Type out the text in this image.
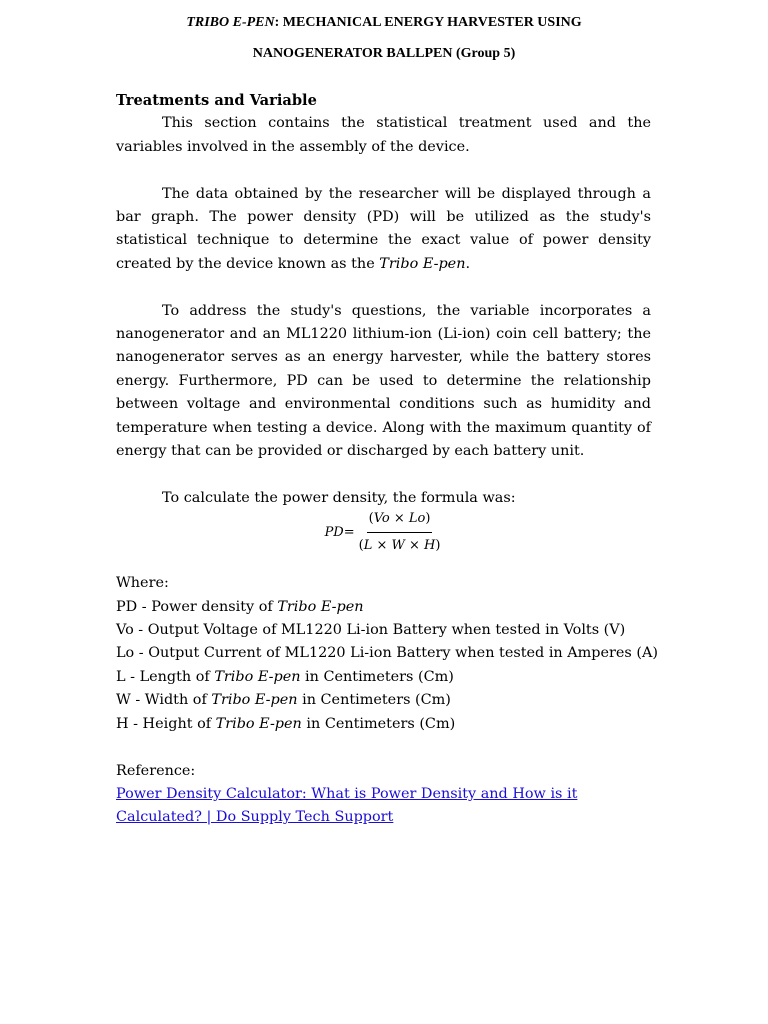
TRIBO E-PEN: MECHANICAL ENERGY HARVESTER USING
NANOGENERATOR BALLPEN (Group 5)
Treatments and Variable

This section contains the statistical treatment used and the variables involved in the assembly of the device.

The data obtained by the researcher will be displayed through a bar graph. The power density (PD) will be utilized as the study's statistical technique to determine the exact value of power density created by the device known as the Tribo E-pen.

To address the study's questions, the variable incorporates a nanogenerator and an ML1220 lithium-ion (Li-ion) coin cell battery; the nanogenerator serves as an energy harvester, while the battery stores energy. Furthermore, PD can be used to determine the relationship between voltage and environmental conditions such as humidity and temperature when testing a device. Along with the maximum quantity of energy that can be provided or discharged by each battery unit.

To calculate the power density, the formula was:

$PD= \frac{(Vo \times Lo)}{(L \times W \times H)}$

Where:

PD - Power density of Tribo E-pen
Vo - Output Voltage of ML1220 Li-ion Battery when tested in Volts (V)
Lo - Output Current of ML1220 Li-ion Battery when tested in Amperes (A)
L - Length of Tribo E-pen in Centimeters (Cm)
W - Width of Tribo E-pen in Centimeters (Cm)
H - Height of Tribo E-pen in Centimeters (Cm)

Reference:

Power Density Calculator: What is Power Density and How is it
Calculated? | Do Supply Tech Support
